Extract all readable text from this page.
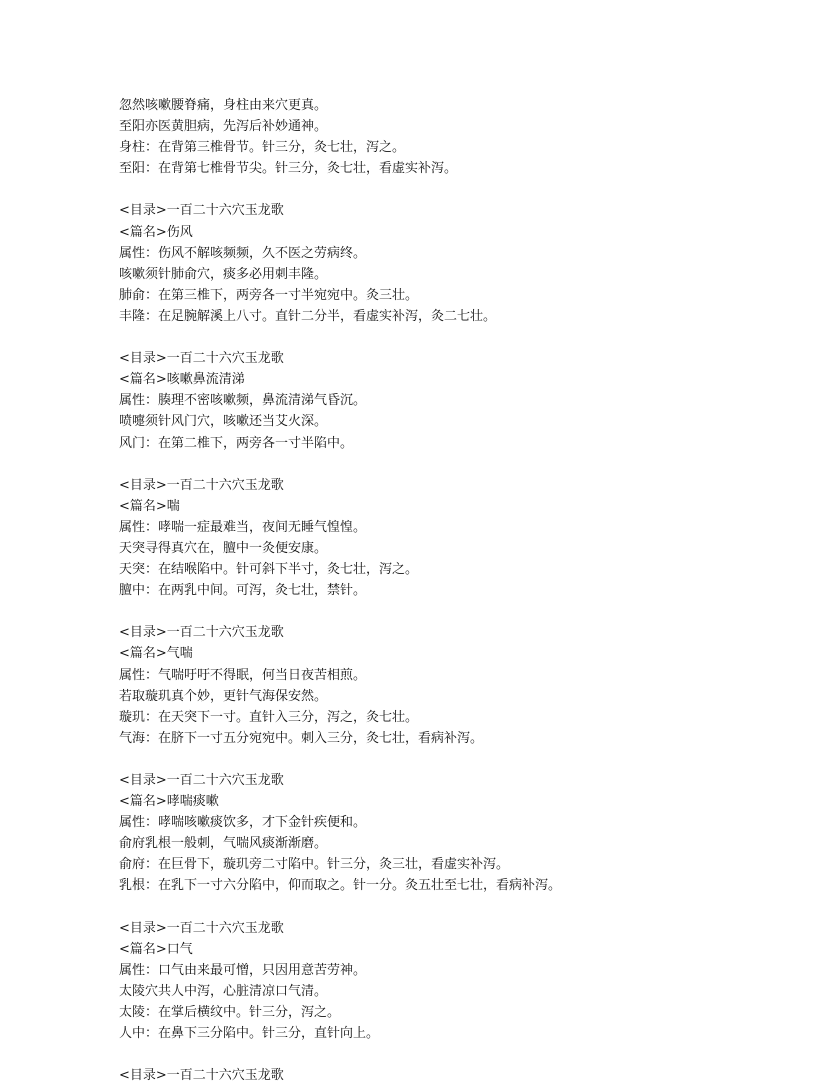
忽然咳嗽腰脊痛，身柱由来穴更真。

至阳亦医黄胆病，先泻后补妙通神。

身柱：在背第三椎骨节。针三分，灸七壮，泻之。

至阳：在背第七椎骨节尖。针三分，灸七壮，看虚实补泻。

<目录>一百二十六穴玉龙歌

<篇名>伤风

属性：伤风不解咳频频，久不医之劳病终。

咳嗽须针肺俞穴，痰多必用刺丰隆。

肺俞：在第三椎下，两旁各一寸半宛宛中。灸三壮。

丰隆：在足腕解溪上八寸。直针二分半，看虚实补泻，灸二七壮。

<目录>一百二十六穴玉龙歌

<篇名>咳嗽鼻流清涕

属性：腠理不密咳嗽频，鼻流清涕气昏沉。

喷嚏须针风门穴，咳嗽还当艾火深。

风门：在第二椎下，两旁各一寸半陷中。

<目录>一百二十六穴玉龙歌

<篇名>喘

属性：哮喘一症最难当，夜间无睡气惶惶。

天突寻得真穴在，膻中一灸便安康。

天突：在结喉陷中。针可斜下半寸，灸七壮，泻之。

膻中：在两乳中间。可泻，灸七壮，禁针。

<目录>一百二十六穴玉龙歌

<篇名>气喘

属性：气喘吁吁不得眠，何当日夜苦相煎。

若取璇玑真个妙，更针气海保安然。

璇玑：在天突下一寸。直针入三分，泻之，灸七壮。

气海：在脐下一寸五分宛宛中。刺入三分，灸七壮，看病补泻。

<目录>一百二十六穴玉龙歌

<篇名>哮喘痰嗽

属性：哮喘咳嗽痰饮多，才下金针疾便和。

俞府乳根一般刺，气喘风痰渐渐磨。

俞府：在巨骨下，璇玑旁二寸陷中。针三分，灸三壮，看虚实补泻。

乳根：在乳下一寸六分陷中，仰而取之。针一分。灸五壮至七壮，看病补泻。

<目录>一百二十六穴玉龙歌

<篇名>口气

属性：口气由来最可憎，只因用意苦劳神。

太陵穴共人中泻，心脏清凉口气清。

太陵：在掌后横纹中。针三分，泻之。

人中：在鼻下三分陷中。针三分，直针向上。

<目录>一百二十六穴玉龙歌
